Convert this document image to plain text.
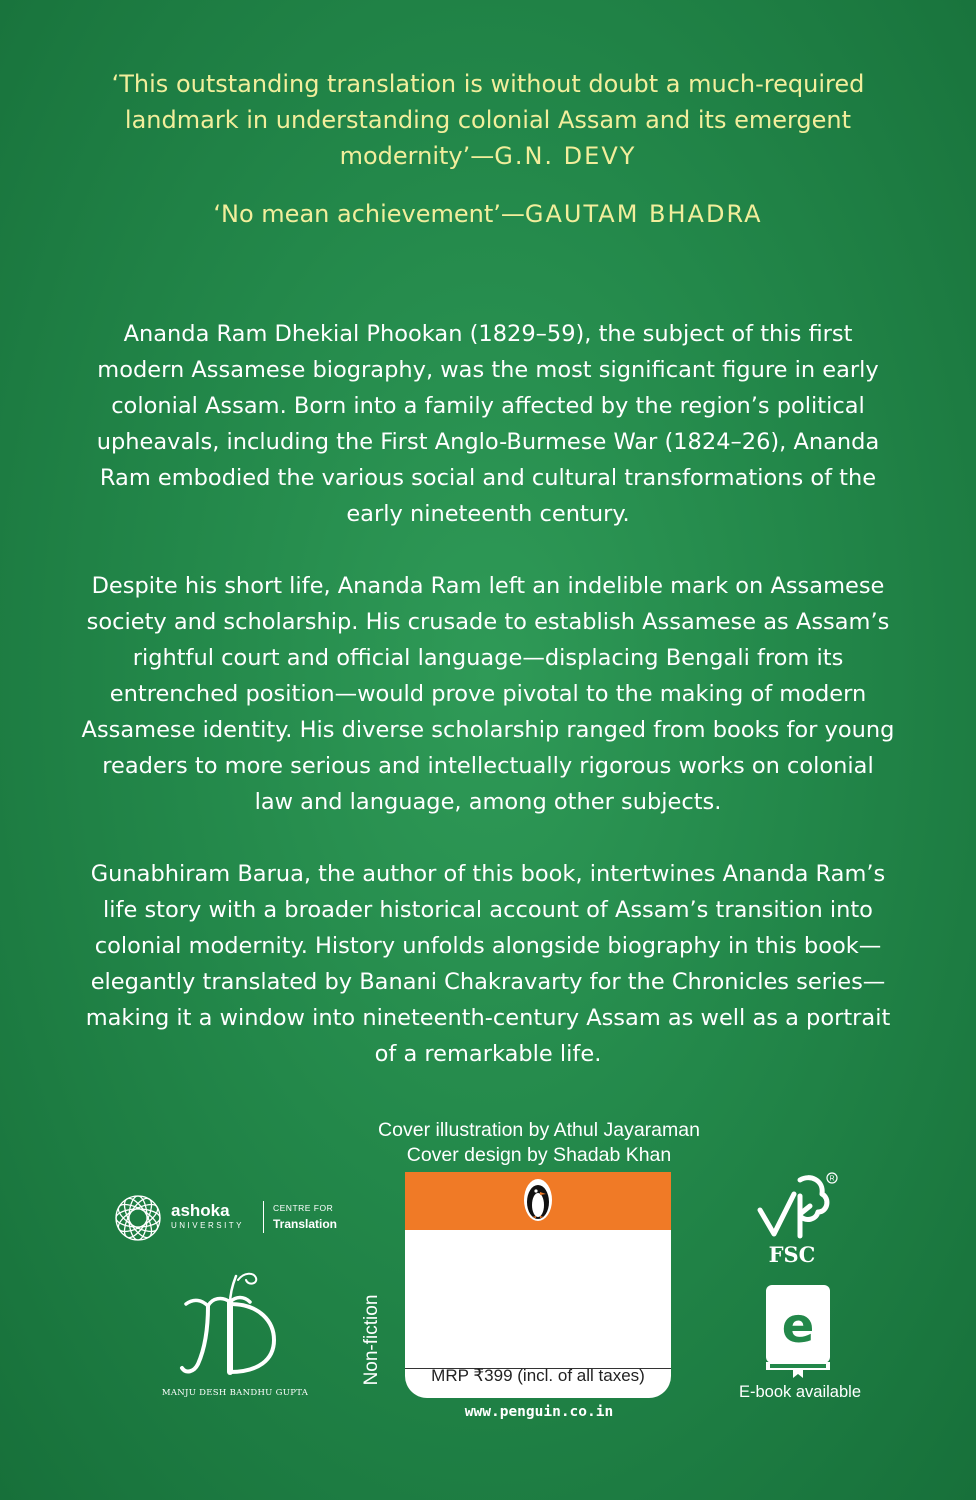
‘This outstanding translation is without doubt a much-required landmark in understanding colonial Assam and its emergent modernity’—G.N. DEVY

‘No mean achievement’—GAUTAM BHADRA

Ananda Ram Dhekial Phookan (1829–59), the subject of this first modern Assamese biography, was the most significant figure in early colonial Assam. Born into a family affected by the region’s political upheavals, including the First Anglo-Burmese War (1824–26), Ananda Ram embodied the various social and cultural transformations of the early nineteenth century.

Despite his short life, Ananda Ram left an indelible mark on Assamese society and scholarship. His crusade to establish Assamese as Assam’s rightful court and official language—displacing Bengali from its entrenched position—would prove pivotal to the making of modern Assamese identity. His diverse scholarship ranged from books for young readers to more serious and intellectually rigorous works on colonial law and language, among other subjects.

Gunabhiram Barua, the author of this book, intertwines Ananda Ram’s life story with a broader historical account of Assam’s transition into colonial modernity. History unfolds alongside biography in this book—elegantly translated by Banani Chakravarty for the Chronicles series—making it a window into nineteenth-century Assam as well as a portrait of a remarkable life.

Cover illustration by Athul Jayaraman
Cover design by Shadab Khan
ashoka
UNIVERSITY
CENTRE FOR
Translation
MANJU DESH BANDHU GUPTA
Non-fiction	MRP ₹399 (incl. of all taxes)
www.penguin.co.in
R
FSC
e
E-book available
